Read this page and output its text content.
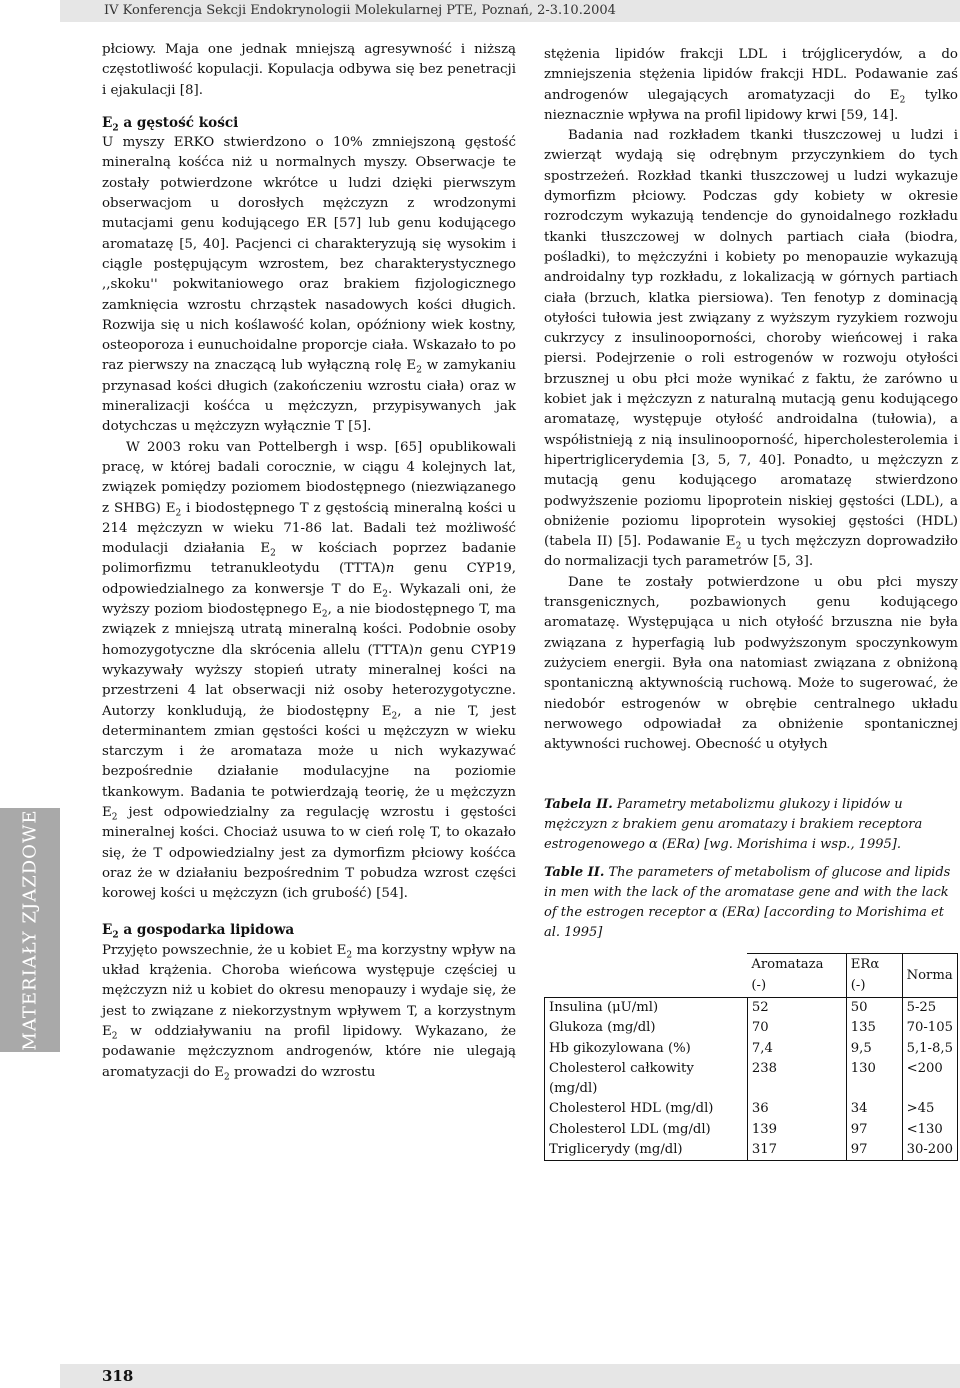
IV Konferencja Sekcji Endokrynologii Molekularnej PTE, Poznań, 2-3.10.2004
MATERIAŁY ZJAZDOWE

płciowy. Maja one jednak mniejszą agresywność i niższą częstotliwość kopulacji. Kopulacja odbywa się bez penetracji i ejakulacji [8].

$E_2$ a gęstość kości

U myszy ERKO stwierdzono o 10% zmniejszoną gęstość mineralną kośćca niż u normalnych myszy. Obserwacje te zostały potwierdzone wkrótce u ludzi dzięki pierwszym obserwacjom u dorosłych mężczyzn z wrodzonymi mutacjami genu kodującego ER [57] lub genu kodującego aromatazę [5, 40]. Pacjenci ci charakteryzują się wysokim i ciągle postępującym wzrostem, bez charakterystycznego ,,skoku'' pokwitaniowego oraz brakiem fizjologicznego zamknięcia wzrostu chrząstek nasadowych kości długich. Rozwija się u nich koślawość kolan, opóźniony wiek kostny, osteoporoza i eunuchoidalne proporcje ciała. Wskazało to po raz pierwszy na znaczącą lub wyłączną rolę $E_2$ w zamykaniu przynasad kości długich (zakończeniu wzrostu ciała) oraz w mineralizacji kośćca u mężczyzn, przypisywanych jak dotychczas u mężczyzn wyłącznie T [5].

W 2003 roku van Pottelbergh i wsp. [65] opublikowali pracę, w której badali corocznie, w ciągu 4 kolejnych lat, związek pomiędzy poziomem biodostępnego (niezwiązanego z SHBG) $E_2$ i biodostępnego T z gęstością mineralną kości u 214 mężczyzn w wieku 71-86 lat. Badali też możliwość modulacji działania $E_2$ w kościach poprzez badanie polimorfizmu tetranukleotydu (TTTA)n genu CYP19, odpowiedzialnego za konwersje T do $E_2$. Wykazali oni, że wyższy poziom biodostępnego $E_2$, a nie biodostępnego T, ma związek z mniejszą utratą mineralną kości. Podobnie osoby homozygotyczne dla skrócenia allelu (TTTA)n genu CYP19 wykazywały wyższy stopień utraty mineralnej kości na przestrzeni 4 lat obserwacji niż osoby heterozygotyczne. Autorzy konkludują, że biodostępny $E_2$, a nie T, jest determinantem zmian gęstości kości u mężczyzn w wieku starczym i że aromataza może u nich wykazywać bezpośrednie działanie modulacyjne na poziomie tkankowym. Badania te potwierdzają teorię, że u mężczyzn $E_2$ jest odpowiedzialny za regulację wzrostu i gęstości mineralnej kości. Chociaż usuwa to w cień rolę T, to okazało się, że T odpowiedzialny jest za dymorfizm płciowy kośćca oraz że w działaniu bezpośrednim T pobudza wzrost części korowej kości u mężczyzn (ich grubość) [54].

$E_2$ a gospodarka lipidowa

Przyjęto powszechnie, że u kobiet $E_2$ ma korzystny wpływ na układ krążenia. Choroba wieńcowa występuje częściej u mężczyzn niż u kobiet do okresu menopauzy i wydaje się, że jest to związane z niekorzystnym wpływem T, a korzystnym $E_2$ w oddziaływaniu na profil lipidowy. Wykazano, że podawanie mężczyznom androgenów, które nie ulegają aromatyzacji do $E_2$ prowadzi do wzrostu

stężenia lipidów frakcji LDL i trójglicerydów, a do zmniejszenia stężenia lipidów frakcji HDL. Podawanie zaś androgenów ulegających aromatyzacji do $E_2$ tylko nieznacznie wpływa na profil lipidowy krwi [59, 14].

Badania nad rozkładem tkanki tłuszczowej u ludzi i zwierząt wydają się odrębnym przyczynkiem do tych spostrzeżeń. Rozkład tkanki tłuszczowej u ludzi wykazuje dymorfizm płciowy. Podczas gdy kobiety w okresie rozrodczym wykazują tendencje do gynoidalnego rozkładu tkanki tłuszczowej w dolnych partiach ciała (biodra, pośladki), to mężczyźni i kobiety po menopauzie wykazują androidalny typ rozkładu, z lokalizacją w górnych partiach ciała (brzuch, klatka piersiowa). Ten fenotyp z dominacją otyłości tułowia jest związany z wyższym ryzykiem rozwoju cukrzycy z insulinooporności, choroby wieńcowej i raka piersi. Podejrzenie o roli estrogenów w rozwoju otyłości brzusznej u obu płci może wynikać z faktu, że zarówno u kobiet jak i mężczyzn z naturalną mutacją genu kodującego aromatazę, występuje otyłość androidalna (tułowia), a współistnieją z nią insulinooporność, hipercholesterolemia i hipertriglicerydemia [3, 5, 7, 40]. Ponadto, u mężczyzn z mutacją genu kodującego aromatazę stwierdzono podwyższenie poziomu lipoprotein niskiej gęstości (LDL), a obniżenie poziomu lipoprotein wysokiej gęstości (HDL) (tabela II) [5]. Podawanie $E_2$ u tych mężczyzn doprowadziło do normalizacji tych parametrów [5, 3].

Dane te zostały potwierdzone u obu płci myszy transgenicznych, pozbawionych genu kodującego aromatazę. Występująca u nich otyłość brzuszna nie była związana z hyperfagią lub podwyższonym spoczynkowym zużyciem energii. Była ona natomiast związana z obniżoną spontaniczną aktywnością ruchową. Może to sugerować, że niedobór estrogenów w obrębie centralnego układu nerwowego odpowiadał za obniżenie spontanicznej aktywności ruchowej. Obecność u otyłych

Tabela II. Parametry metabolizmu glukozy i lipidów u mężczyzn z brakiem genu aromatazy i brakiem receptora estrogenowego α (ERα) [wg. Morishima i wsp., 1995].

Table II. The parameters of metabolism of glucose and lipids in men with the lack of the aromatase gene and with the lack of the estrogen receptor α (ERα) [according to Morishima et al. 1995]

	Aromataza (-)	ERα (-)	Norma
Insulina (μU/ml)	52	50	5-25
Glukoza (mg/dl)	70	135	70-105
Hb gikozylowana (%)	7,4	9,5	5,1-8,5
Cholesterol całkowity (mg/dl)	238	130	<200
Cholesterol HDL (mg/dl)	36	34	>45
Cholesterol LDL (mg/dl)	139	97	<130
Triglicerydy (mg/dl)	317	97	30-200
318
